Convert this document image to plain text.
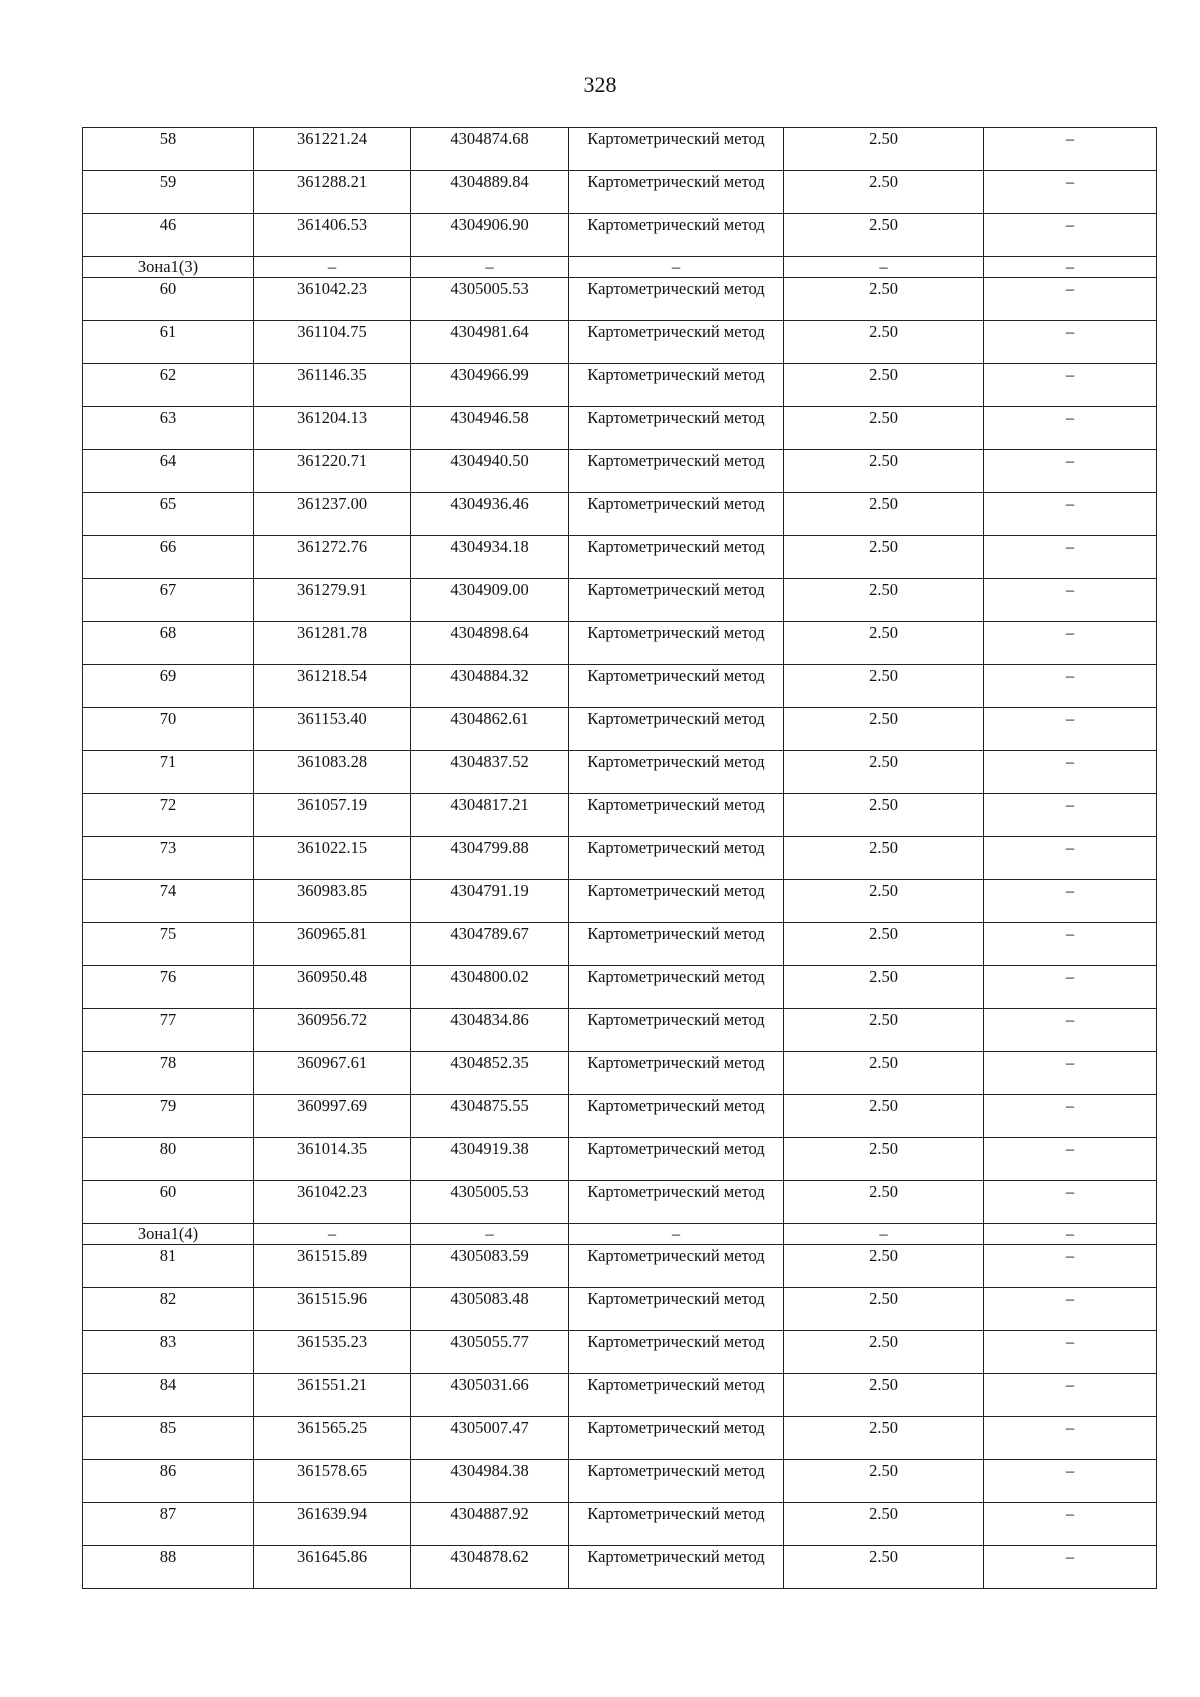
328
58	361221.24	4304874.68	Картометрический метод	2.50	–
59	361288.21	4304889.84	Картометрический метод	2.50	–
46	361406.53	4304906.90	Картометрический метод	2.50	–
Зона1(3)	–	–	–	–	–
60	361042.23	4305005.53	Картометрический метод	2.50	–
61	361104.75	4304981.64	Картометрический метод	2.50	–
62	361146.35	4304966.99	Картометрический метод	2.50	–
63	361204.13	4304946.58	Картометрический метод	2.50	–
64	361220.71	4304940.50	Картометрический метод	2.50	–
65	361237.00	4304936.46	Картометрический метод	2.50	–
66	361272.76	4304934.18	Картометрический метод	2.50	–
67	361279.91	4304909.00	Картометрический метод	2.50	–
68	361281.78	4304898.64	Картометрический метод	2.50	–
69	361218.54	4304884.32	Картометрический метод	2.50	–
70	361153.40	4304862.61	Картометрический метод	2.50	–
71	361083.28	4304837.52	Картометрический метод	2.50	–
72	361057.19	4304817.21	Картометрический метод	2.50	–
73	361022.15	4304799.88	Картометрический метод	2.50	–
74	360983.85	4304791.19	Картометрический метод	2.50	–
75	360965.81	4304789.67	Картометрический метод	2.50	–
76	360950.48	4304800.02	Картометрический метод	2.50	–
77	360956.72	4304834.86	Картометрический метод	2.50	–
78	360967.61	4304852.35	Картометрический метод	2.50	–
79	360997.69	4304875.55	Картометрический метод	2.50	–
80	361014.35	4304919.38	Картометрический метод	2.50	–
60	361042.23	4305005.53	Картометрический метод	2.50	–
Зона1(4)	–	–	–	–	–
81	361515.89	4305083.59	Картометрический метод	2.50	–
82	361515.96	4305083.48	Картометрический метод	2.50	–
83	361535.23	4305055.77	Картометрический метод	2.50	–
84	361551.21	4305031.66	Картометрический метод	2.50	–
85	361565.25	4305007.47	Картометрический метод	2.50	–
86	361578.65	4304984.38	Картометрический метод	2.50	–
87	361639.94	4304887.92	Картометрический метод	2.50	–
88	361645.86	4304878.62	Картометрический метод	2.50	–
